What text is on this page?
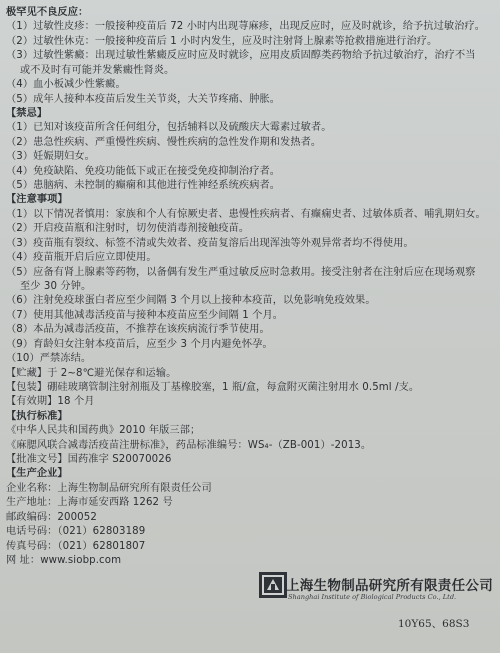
极罕见不良反应：
（1）过敏性皮疹：一般接种疫苗后 72 小时内出现荨麻疹，出现反应时，应及时就诊，给予抗过敏治疗。
（2）过敏性休克：一般接种疫苗后 1 小时内发生，应及时注射肾上腺素等抢救措施进行治疗。
（3）过敏性紫癜：出现过敏性紫癜反应时应及时就诊，应用皮质固醇类药物给予抗过敏治疗，治疗不当
或不及时有可能并发紫癜性肾炎。
（4）血小板减少性紫癜。
（5）成年人接种本疫苗后发生关节炎，大关节疼痛、肿胀。
【禁忌】
（1）已知对该疫苗所含任何组分，包括辅料以及硫酸庆大霉素过敏者。
（2）患急性疾病、严重慢性疾病、慢性疾病的急性发作期和发热者。
（3）妊娠期妇女。
（4）免疫缺陷、免疫功能低下或正在接受免疫抑制治疗者。
（5）患脑病、未控制的癫痫和其他进行性神经系统疾病者。
【注意事项】
（1）以下情况者慎用：家族和个人有惊厥史者、患慢性疾病者、有癫痫史者、过敏体质者、哺乳期妇女。
（2）开启疫苗瓶和注射时，切勿使消毒剂接触疫苗。
（3）疫苗瓶有裂纹、标签不清或失效者、疫苗复溶后出现浑浊等外观异常者均不得使用。
（4）疫苗瓶开启后应立即使用。
（5）应备有肾上腺素等药物，以备偶有发生严重过敏反应时急救用。接受注射者在注射后应在现场观察
至少 30 分钟。
（6）注射免疫球蛋白者应至少间隔 3 个月以上接种本疫苗，以免影响免疫效果。
（7）使用其他减毒活疫苗与接种本疫苗应至少间隔 1 个月。
（8）本品为减毒活疫苗，不推荐在该疾病流行季节使用。
（9）育龄妇女注射本疫苗后，应至少 3 个月内避免怀孕。
（10）严禁冻结。
【贮藏】于 2~8℃避光保存和运输。
【包装】硼硅玻璃管制注射剂瓶及丁基橡胶塞，1 瓶/盒，每盒附灭菌注射用水 0.5ml /支。
【有效期】18 个月
【执行标准】
《中华人民共和国药典》2010 年版三部；
《麻腮风联合减毒活疫苗注册标准》，药品标准编号：WS₄-（ZB-001）-2013。
【批准文号】国药准字 S20070026
【生产企业】
企业名称：上海生物制品研究所有限责任公司
生产地址：上海市延安西路 1262 号
邮政编码：200052
电话号码：（021）62803189
传真号码：（021）62801807
网 址：www.siobp.com
上海生物制品研究所有限责任公司
Shanghai Institute of Biological Products Co., Ltd.
10Y65、68S3
